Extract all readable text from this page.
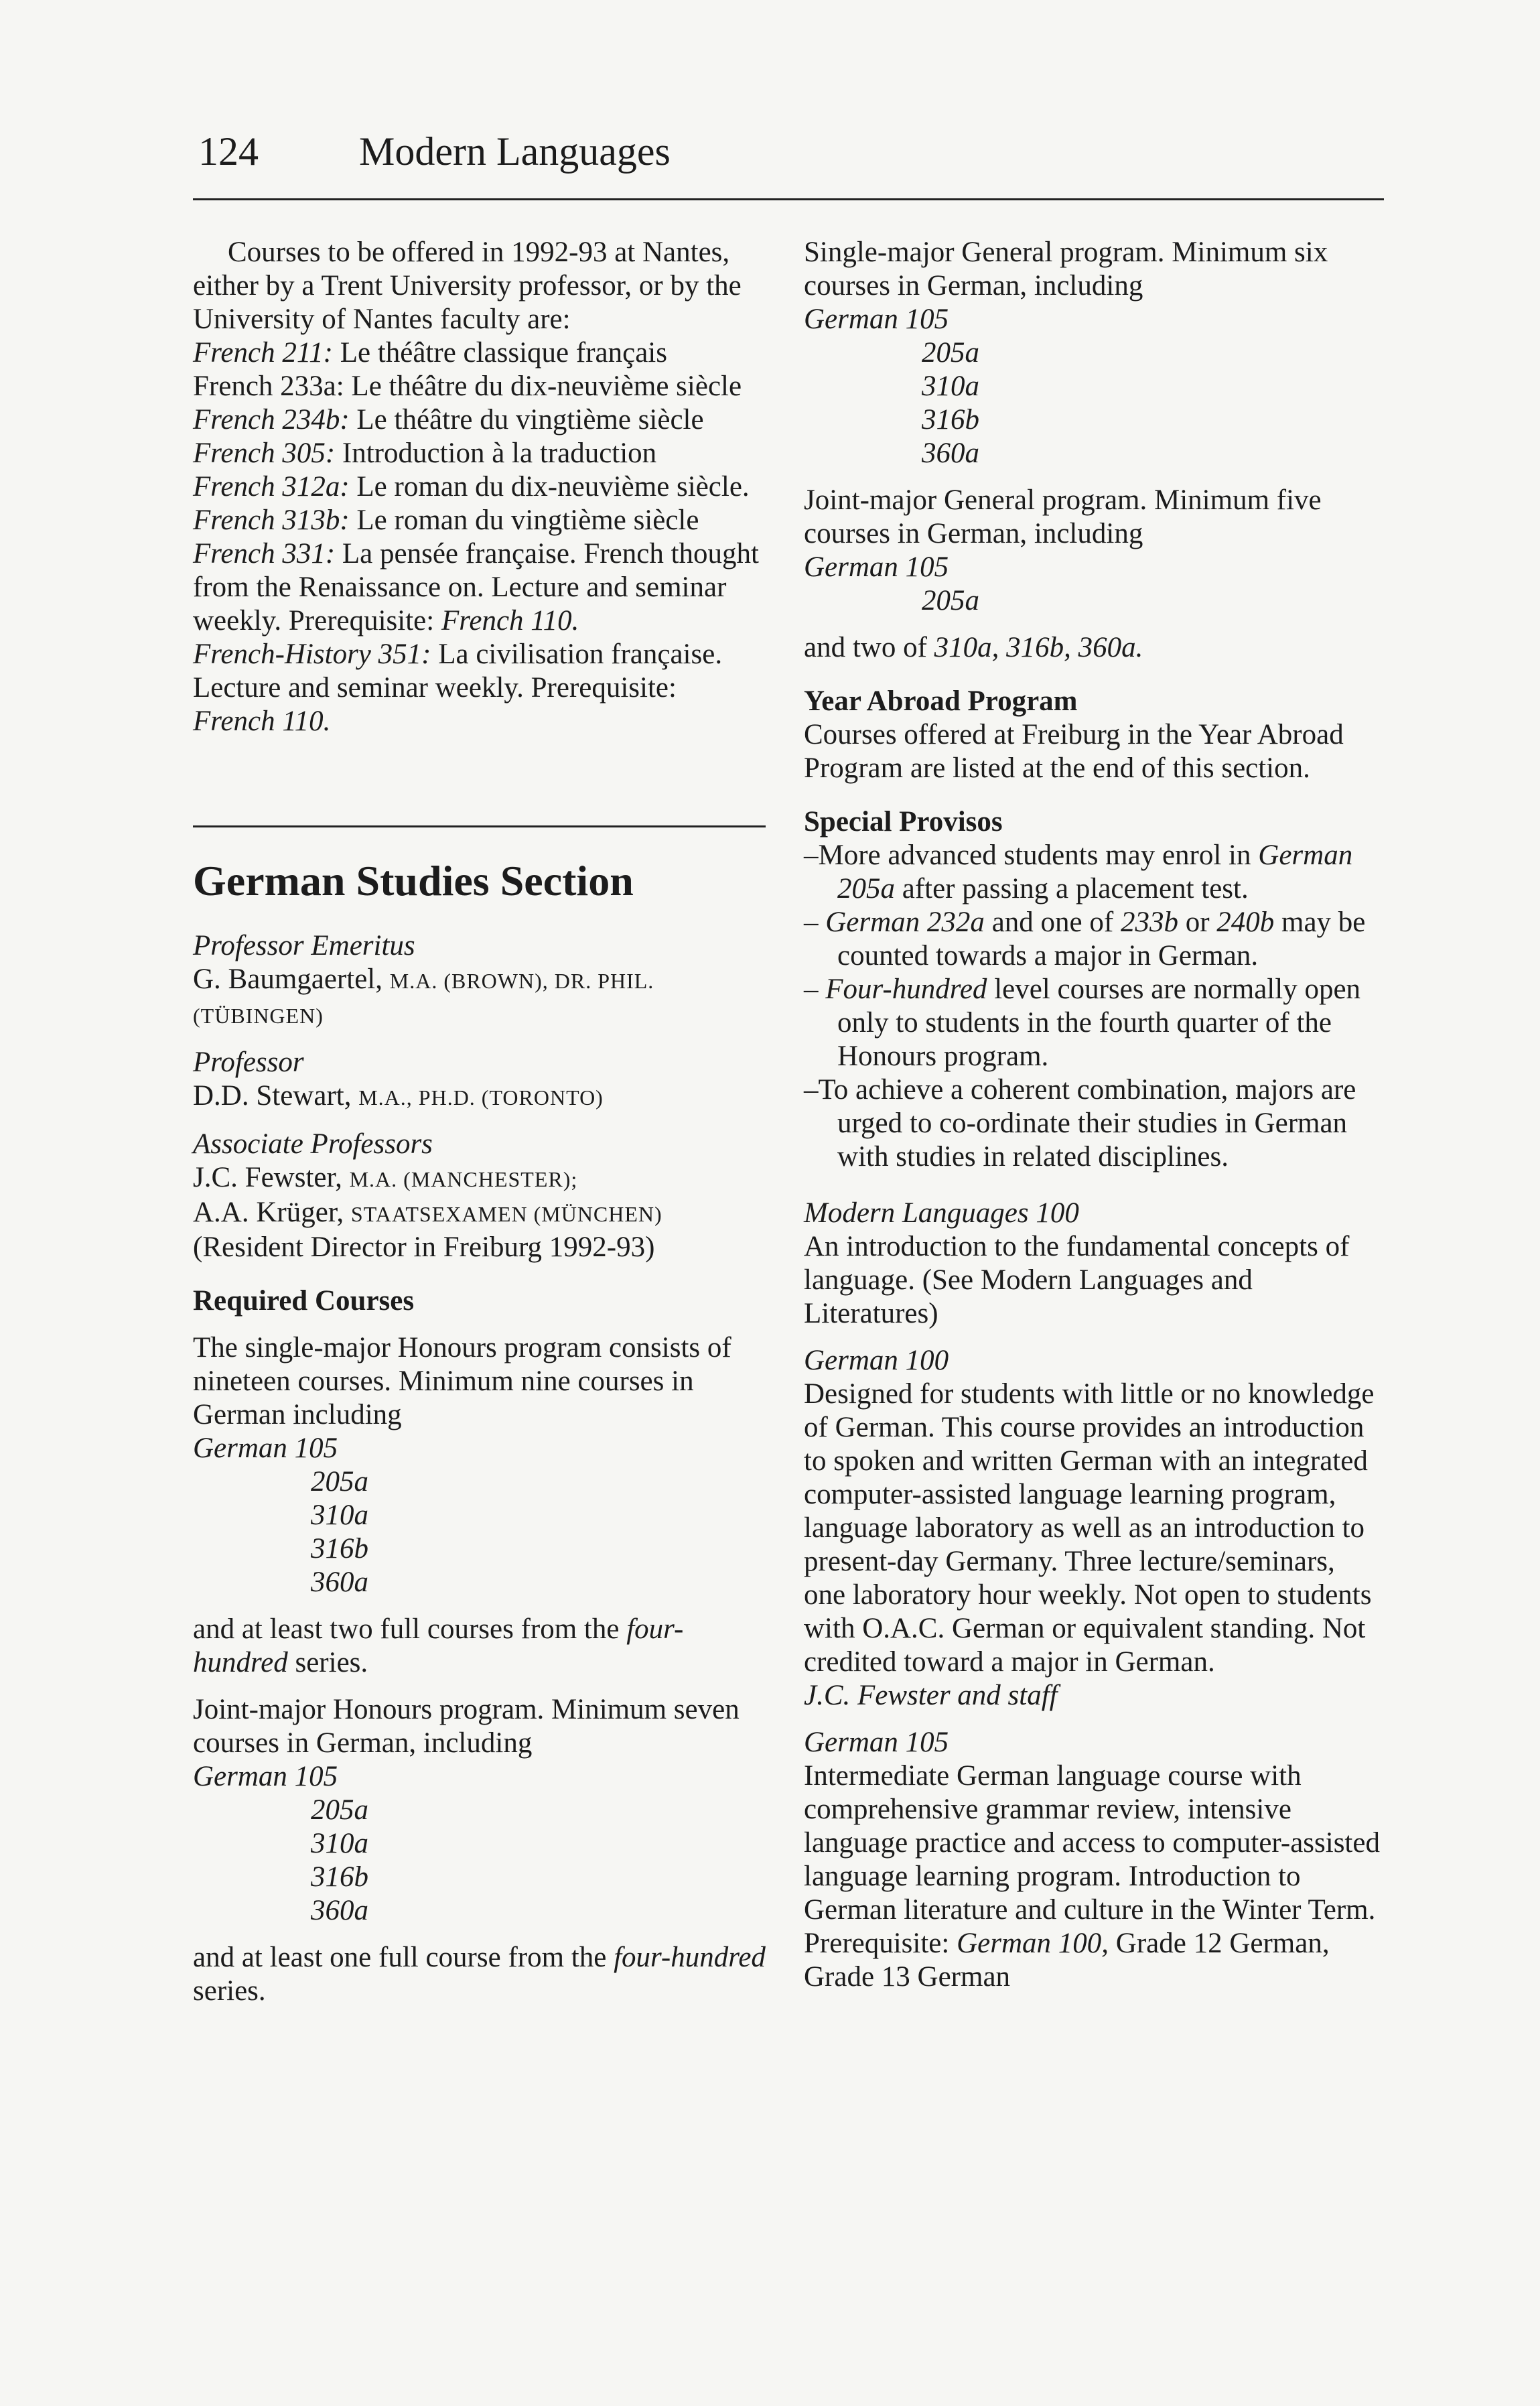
124	Modern Languages

Courses to be offered in 1992-93 at Nantes, either by a Trent University professor, or by the University of Nantes faculty are:

French 211: Le théâtre classique français

French 233a: Le théâtre du dix-neuvième siècle

French 234b: Le théâtre du vingtième siècle

French 305: Introduction à la traduction

French 312a: Le roman du dix-neuvième siècle.

French 313b: Le roman du vingtième siècle

French 331: La pensée française. French thought from the Renaissance on. Lecture and seminar weekly. Prerequisite: French 110.

French-History 351: La civilisation française. Lecture and seminar weekly. Prerequisite: French 110.

German Studies Section

Professor Emeritus

G. Baumgaertel, M.A. (BROWN), DR. PHIL. (TÜBINGEN)

Professor

D.D. Stewart, M.A., PH.D. (TORONTO)

Associate Professors

J.C. Fewster, M.A. (MANCHESTER);

A.A. Krüger, STAATSEXAMEN (MÜNCHEN)

(Resident Director in Freiburg 1992-93)

Required Courses

The single-major Honours program consists of nineteen courses. Minimum nine courses in German including

German 105

205a

310a

316b

360a

and at least two full courses from the four-hundred series.

Joint-major Honours program. Minimum seven courses in German, including

German 105

205a

310a

316b

360a

and at least one full course from the four-hundred series.

Single-major General program. Minimum six courses in German, including

German 105

205a

310a

316b

360a

Joint-major General program. Minimum five courses in German, including

German 105

205a

and two of 310a, 316b, 360a.

Year Abroad Program

Courses offered at Freiburg in the Year Abroad Program are listed at the end of this section.

Special Provisos

–More advanced students may enrol in German 205a after passing a placement test.

– German 232a and one of 233b or 240b may be counted towards a major in German.

– Four-hundred level courses are normally open only to students in the fourth quarter of the Honours program.

–To achieve a coherent combination, majors are urged to co-ordinate their studies in German with studies in related disciplines.

Modern Languages 100

An introduction to the fundamental concepts of language. (See Modern Languages and Literatures)

German 100

Designed for students with little or no knowledge of German. This course provides an introduction to spoken and written German with an integrated computer-assisted language learning program, language laboratory as well as an introduction to present-day Germany. Three lecture/seminars, one laboratory hour weekly. Not open to students with O.A.C. German or equivalent standing. Not credited toward a major in German.

J.C. Fewster and staff

German 105

Intermediate German language course with comprehensive grammar review, intensive language practice and access to computer-assisted language learning program. Introduction to German literature and culture in the Winter Term. Prerequisite: German 100, Grade 12 German, Grade 13 German
